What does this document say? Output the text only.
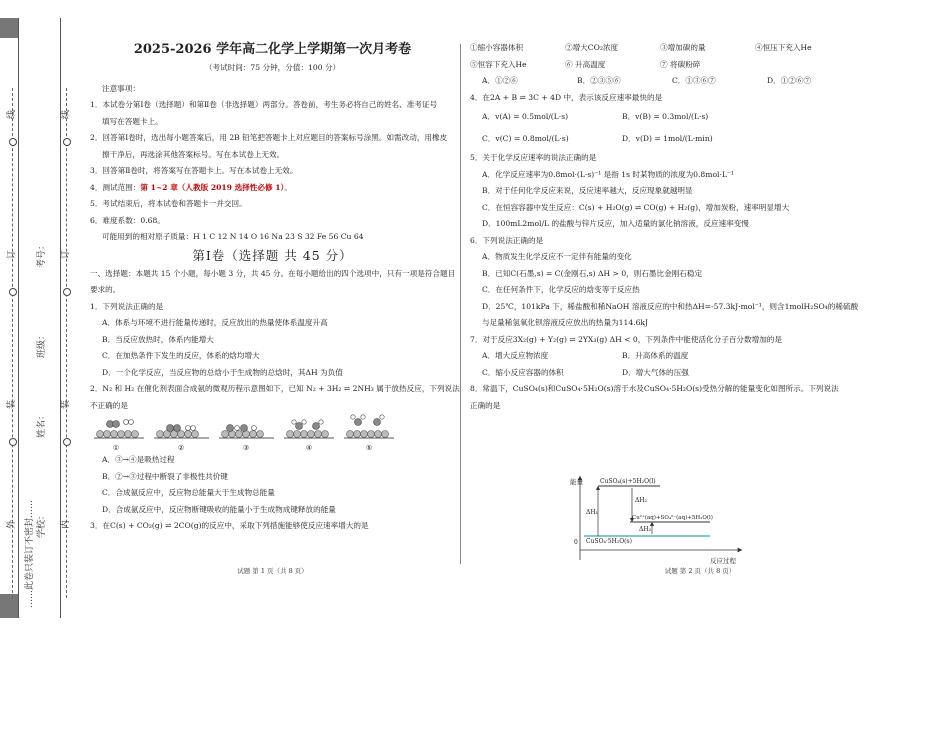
学校：
姓名：
班级：
考号：
……此卷只装订不密封……
外
装
订
线
内
装
订
线

2025-2026 学年高二化学上学期第一次月考卷

（考试时间：75 分钟，分值：100 分）

注意事项：

1．本试卷分第Ⅰ卷（选择题）和第Ⅱ卷（非选择题）两部分。答卷前，考生务必将自己的姓名、准考证号

填写在答题卡上。

2．回答第Ⅰ卷时，选出每小题答案后，用 2B 铅笔把答题卡上对应题目的答案标号涂黑。如需改动，用橡皮

擦干净后，再选涂其他答案标号。写在本试卷上无效。

3．回答第Ⅱ卷时，将答案写在答题卡上。写在本试卷上无效。

4．测试范围：第 1~2 章（人教版 2019 选择性必修 1）。

5．考试结束后，将本试卷和答题卡一并交回。

6．难度系数：0.68。

可能用到的相对原子质量：H 1 C 12 N 14 O 16 Na 23 S 32 Fe 56 Cu 64

第Ⅰ卷（选择题 共 45 分）

一、选择题：本题共 15 个小题，每小题 3 分，共 45 分。在每小题给出的四个选项中，只有一项是符合题目

要求的。

1．下列说法正确的是

A．体系与环境不进行能量传递时，反应放出的热量使体系温度升高

B．当反应放热时，体系内能增大

C．在加热条件下发生的反应，体系的焓均增大

D．一个化学反应，当反应物的总焓小于生成物的总焓时，其ΔH 为负值

2．N₂ 和 H₂ 在催化剂表面合成氨的微观历程示意图如下，已知 N₂ + 3H₂ ⇌ 2NH₃ 属于放热反应，下列说法

不正确的是

①	②	③	④	⑤

A．③→④是吸热过程

B．②→③过程中断裂了非极性共价键

C．合成氨反应中，反应物总能量大于生成物总能量

D．合成氨反应中，反应物断键吸收的能量小于生成物成键释放的能量

3．在C(s) + CO₂(g) ⇌ 2CO(g)的反应中，采取下列措施能够使反应速率增大的是

试题 第 1 页（共 8 页）

①缩小容器体积	②增大CO₂浓度	③增加碳的量	④恒压下充入He

⑤恒容下充入He	⑥ 升高温度	⑦ 将碳粉碎

A．①②⑥	B．②③⑤⑥	C．①③⑥⑦	D．①②⑥⑦

4．在2A + B ⇌ 3C + 4D 中，表示该反应速率最快的是

A．v(A) = 0.5mol/(L·s)	B．v(B) = 0.3mol/(L·s)

C．v(C) = 0.8mol/(L·s)	D．v(D) = 1mol/(L·min)

5．关于化学反应速率的说法正确的是

A．化学反应速率为0.8mol·(L·s)⁻¹ 是指 1s 时某物质的浓度为0.8mol·L⁻¹

B．对于任何化学反应来说，反应速率越大，反应现象就越明显

C．在恒容容器中发生反应：C(s) + H₂O(g) ⇌ CO(g) + H₂(g)，增加炭粉，速率明显增大

D．100mL2mol/L 的盐酸与锌片反应，加入适量的氯化钠溶液，反应速率变慢

6．下列说法正确的是

A．物质发生化学反应不一定伴有能量的变化

B．已知C(石墨,s) = C(金刚石,s) ΔH > 0，则石墨比金刚石稳定

C．在任何条件下，化学反应的焓变等于反应热

D．25℃，101kPa 下，稀盐酸和稀NaOH 溶液反应的中和热ΔH=-57.3kJ·mol⁻¹，则含1molH₂SO₄的稀硫酸

与足量稀氢氧化钡溶液反应放出的热量为114.6kJ

7．对于反应3X₂(g) + Y₂(g) ⇌ 2YX₃(g) ΔH < 0，下列条件中能使活化分子百分数增加的是

A．增大反应物浓度	B．升高体系的温度

C．缩小反应容器的体积	D．增大气体的压强

8．常温下，CuSO₄(s)和CuSO₄·5H₂O(s)溶于水及CuSO₄·5H₂O(s)受热分解的能量变化如图所示。下列说法

正确的是

能量
反应过程
0
CuSO₄(s)+5H₂O(l)
Cu²⁺(aq)+SO₄²⁻(aq)+5H₂O(l)
CuSO₄·5H₂O(s)
ΔH₁
ΔH₂
ΔH₃
试题 第 2 页（共 8 页）
